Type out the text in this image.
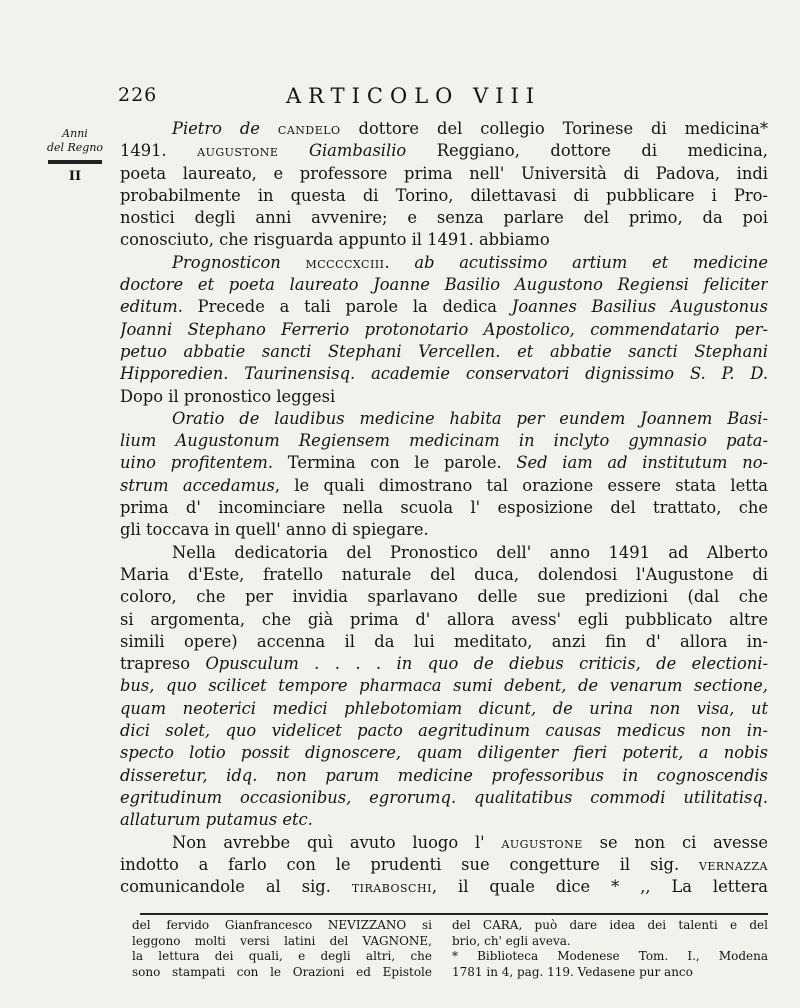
226	ARTICOLO VIII
Anni
del Regno
II
Pietro de candelo dottore del collegio Torinese di medicina*
1491. augustone Giambasilio Reggiano, dottore di medicina,
poeta laureato, e professore prima nell' Università di Padova, indi
probabilmente in questa di Torino, dilettavasi di pubblicare i Pro-
nostici degli anni avvenire; e senza parlare del primo, da poi
conosciuto, che risguarda appunto il 1491. abbiamo
Prognosticon mccccxciii. ab acutissimo artium et medicine
doctore et poeta laureato Joanne Basilio Augustono Regiensi feliciter
editum. Precede a tali parole la dedica Joannes Basilius Augustonus
Joanni Stephano Ferrerio protonotario Apostolico, commendatario per-
petuo abbatie sancti Stephani Vercellen. et abbatie sancti Stephani
Hipporedien. Taurinensisq. academie conservatori dignissimo S. P. D.
Dopo il pronostico leggesi
Oratio de laudibus medicine habita per eundem Joannem Basi-
lium Augustonum Regiensem medicinam in inclyto gymnasio pata-
uino profitentem. Termina con le parole. Sed iam ad institutum no-
strum accedamus, le quali dimostrano tal orazione essere stata letta
prima d' incominciare nella scuola l' esposizione del trattato, che
gli toccava in quell' anno di spiegare.
Nella dedicatoria del Pronostico dell' anno 1491 ad Alberto
Maria d'Este, fratello naturale del duca, dolendosi l'Augustone di
coloro, che per invidia sparlavano delle sue predizioni (dal che
si argomenta, che già prima d' allora avess' egli pubblicato altre
simili opere) accenna il da lui meditato, anzi fin d' allora in-
trapreso Opusculum . . . . in quo de diebus criticis, de electioni-
bus, quo scilicet tempore pharmaca sumi debent, de venarum sectione,
quam neoterici medici phlebotomiam dicunt, de urina non visa, ut
dici solet, quo videlicet pacto aegritudinum causas medicus non in-
specto lotio possit dignoscere, quam diligenter fieri poterit, a nobis
disseretur, idq. non parum medicine professoribus in cognoscendis
egritudinum occasionibus, egrorumq. qualitatibus commodi utilitatisq.
allaturum putamus etc.
Non avrebbe quì avuto luogo l' augustone se non ci avesse
indotto a farlo con le prudenti sue congetture il sig. vernazza
comunicandole al sig. tiraboschi, il quale dice * ,, La lettera
del fervido Gianfrancesco NEVIZZANO si
leggono molti versi latini del VAGNONE,
la lettura dei quali, e degli altri, che
sono stampati con le Orazioni ed Epistole
del CARA, può dare idea dei talenti e del
brio, ch' egli aveva.
* Biblioteca Modenese Tom. I., Modena
1781 in 4, pag. 119. Vedasene pur anco
